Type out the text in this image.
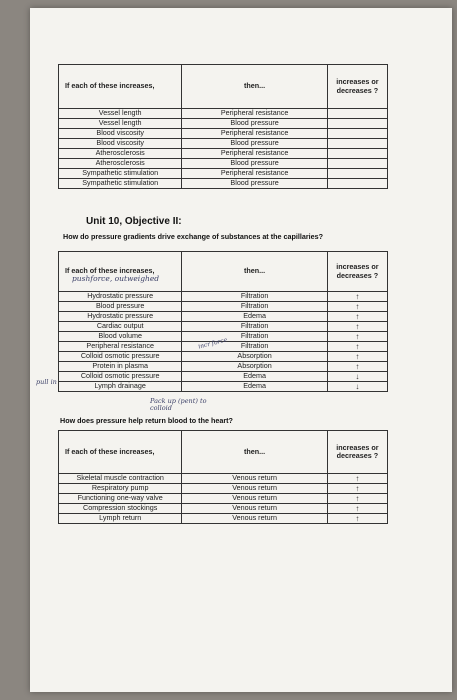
If each of these increases,	then...	increases or decreases ?
Vessel length	Peripheral resistance	
Vessel length	Blood pressure	
Blood viscosity	Peripheral resistance	
Blood viscosity	Blood pressure	
Atherosclerosis	Peripheral resistance	
Atherosclerosis	Blood pressure	
Sympathetic stimulation	Peripheral resistance	
Sympathetic stimulation	Blood pressure	
If each of these increases,	then...	increases or decreases ?
Hydrostatic pressure	Filtration	↑
Blood pressure	Filtration	↑
Hydrostatic pressure	Edema	↑
Cardiac output	Filtration	↑
Blood volume	Filtration	↑
Peripheral resistance	Filtration	↑
Colloid osmotic pressure	Absorption	↑
Protein in plasma	Absorption	↑
Colloid osmotic pressure	Edema	↓
Lymph drainage	Edema	↓
If each of these increases,	then...	increases or decreases ?
Skeletal muscle contraction	Venous return	↑
Respiratory pump	Venous return	↑
Functioning one-way valve	Venous return	↑
Compression stockings	Venous return	↑
Lymph return	Venous return	↑
Unit 10, Objective II:
How do pressure gradients drive exchange of substances at the capillaries?
How does pressure help return blood to the heart?
pushforce, outweighed
incr force
pull in
Pack up (pent) to colloid
